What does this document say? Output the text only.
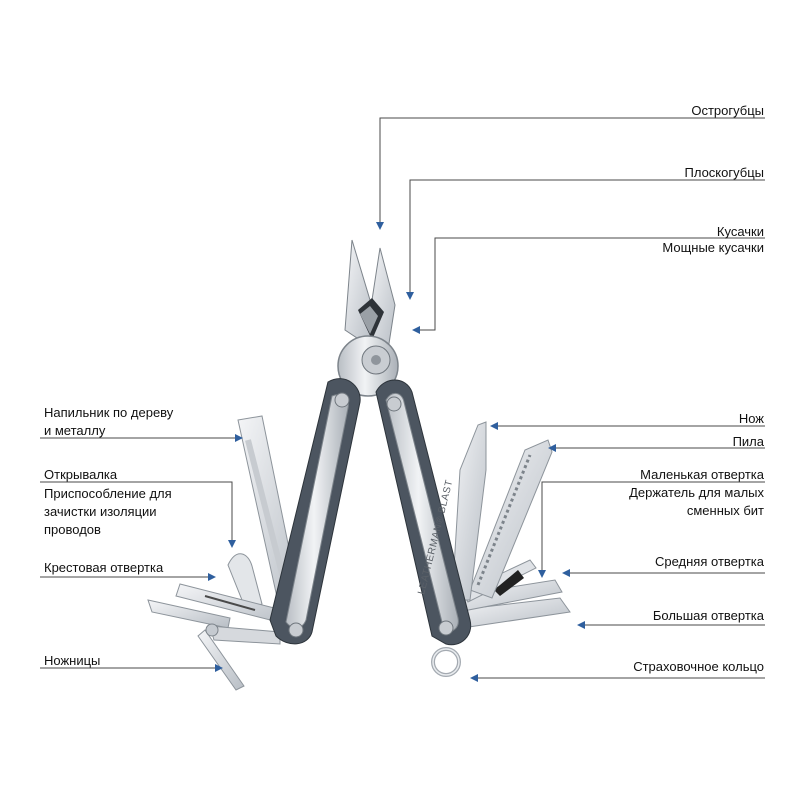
LEATHERMAN® BLAST
Острогубцы
Плоскогубцы
Кусачки
Мощные кусачки
Нож
Пила
Маленькая отвертка
Держатель для малых
сменных бит
Средняя отвертка
Большая отвертка
Страховочное кольцо
Напильник по дереву
и металлу
Открывалка
Приспособление для
зачистки изоляции
проводов
Крестовая отвертка
Ножницы
